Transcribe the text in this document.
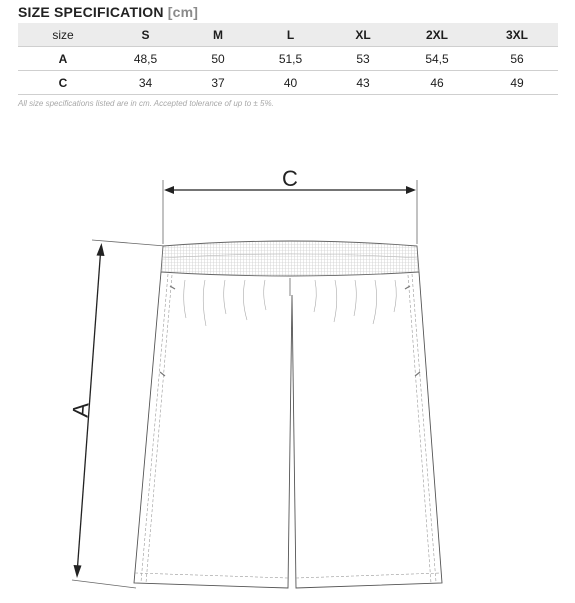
SIZE SPECIFICATION [cm]
size	S	M	L	XL	2XL	3XL
A	48,5	50	51,5	53	54,5	56
C	34	37	40	43	46	49
All size specifications listed are in cm. Accepted tolerance of up to ± 5%.
C
A
